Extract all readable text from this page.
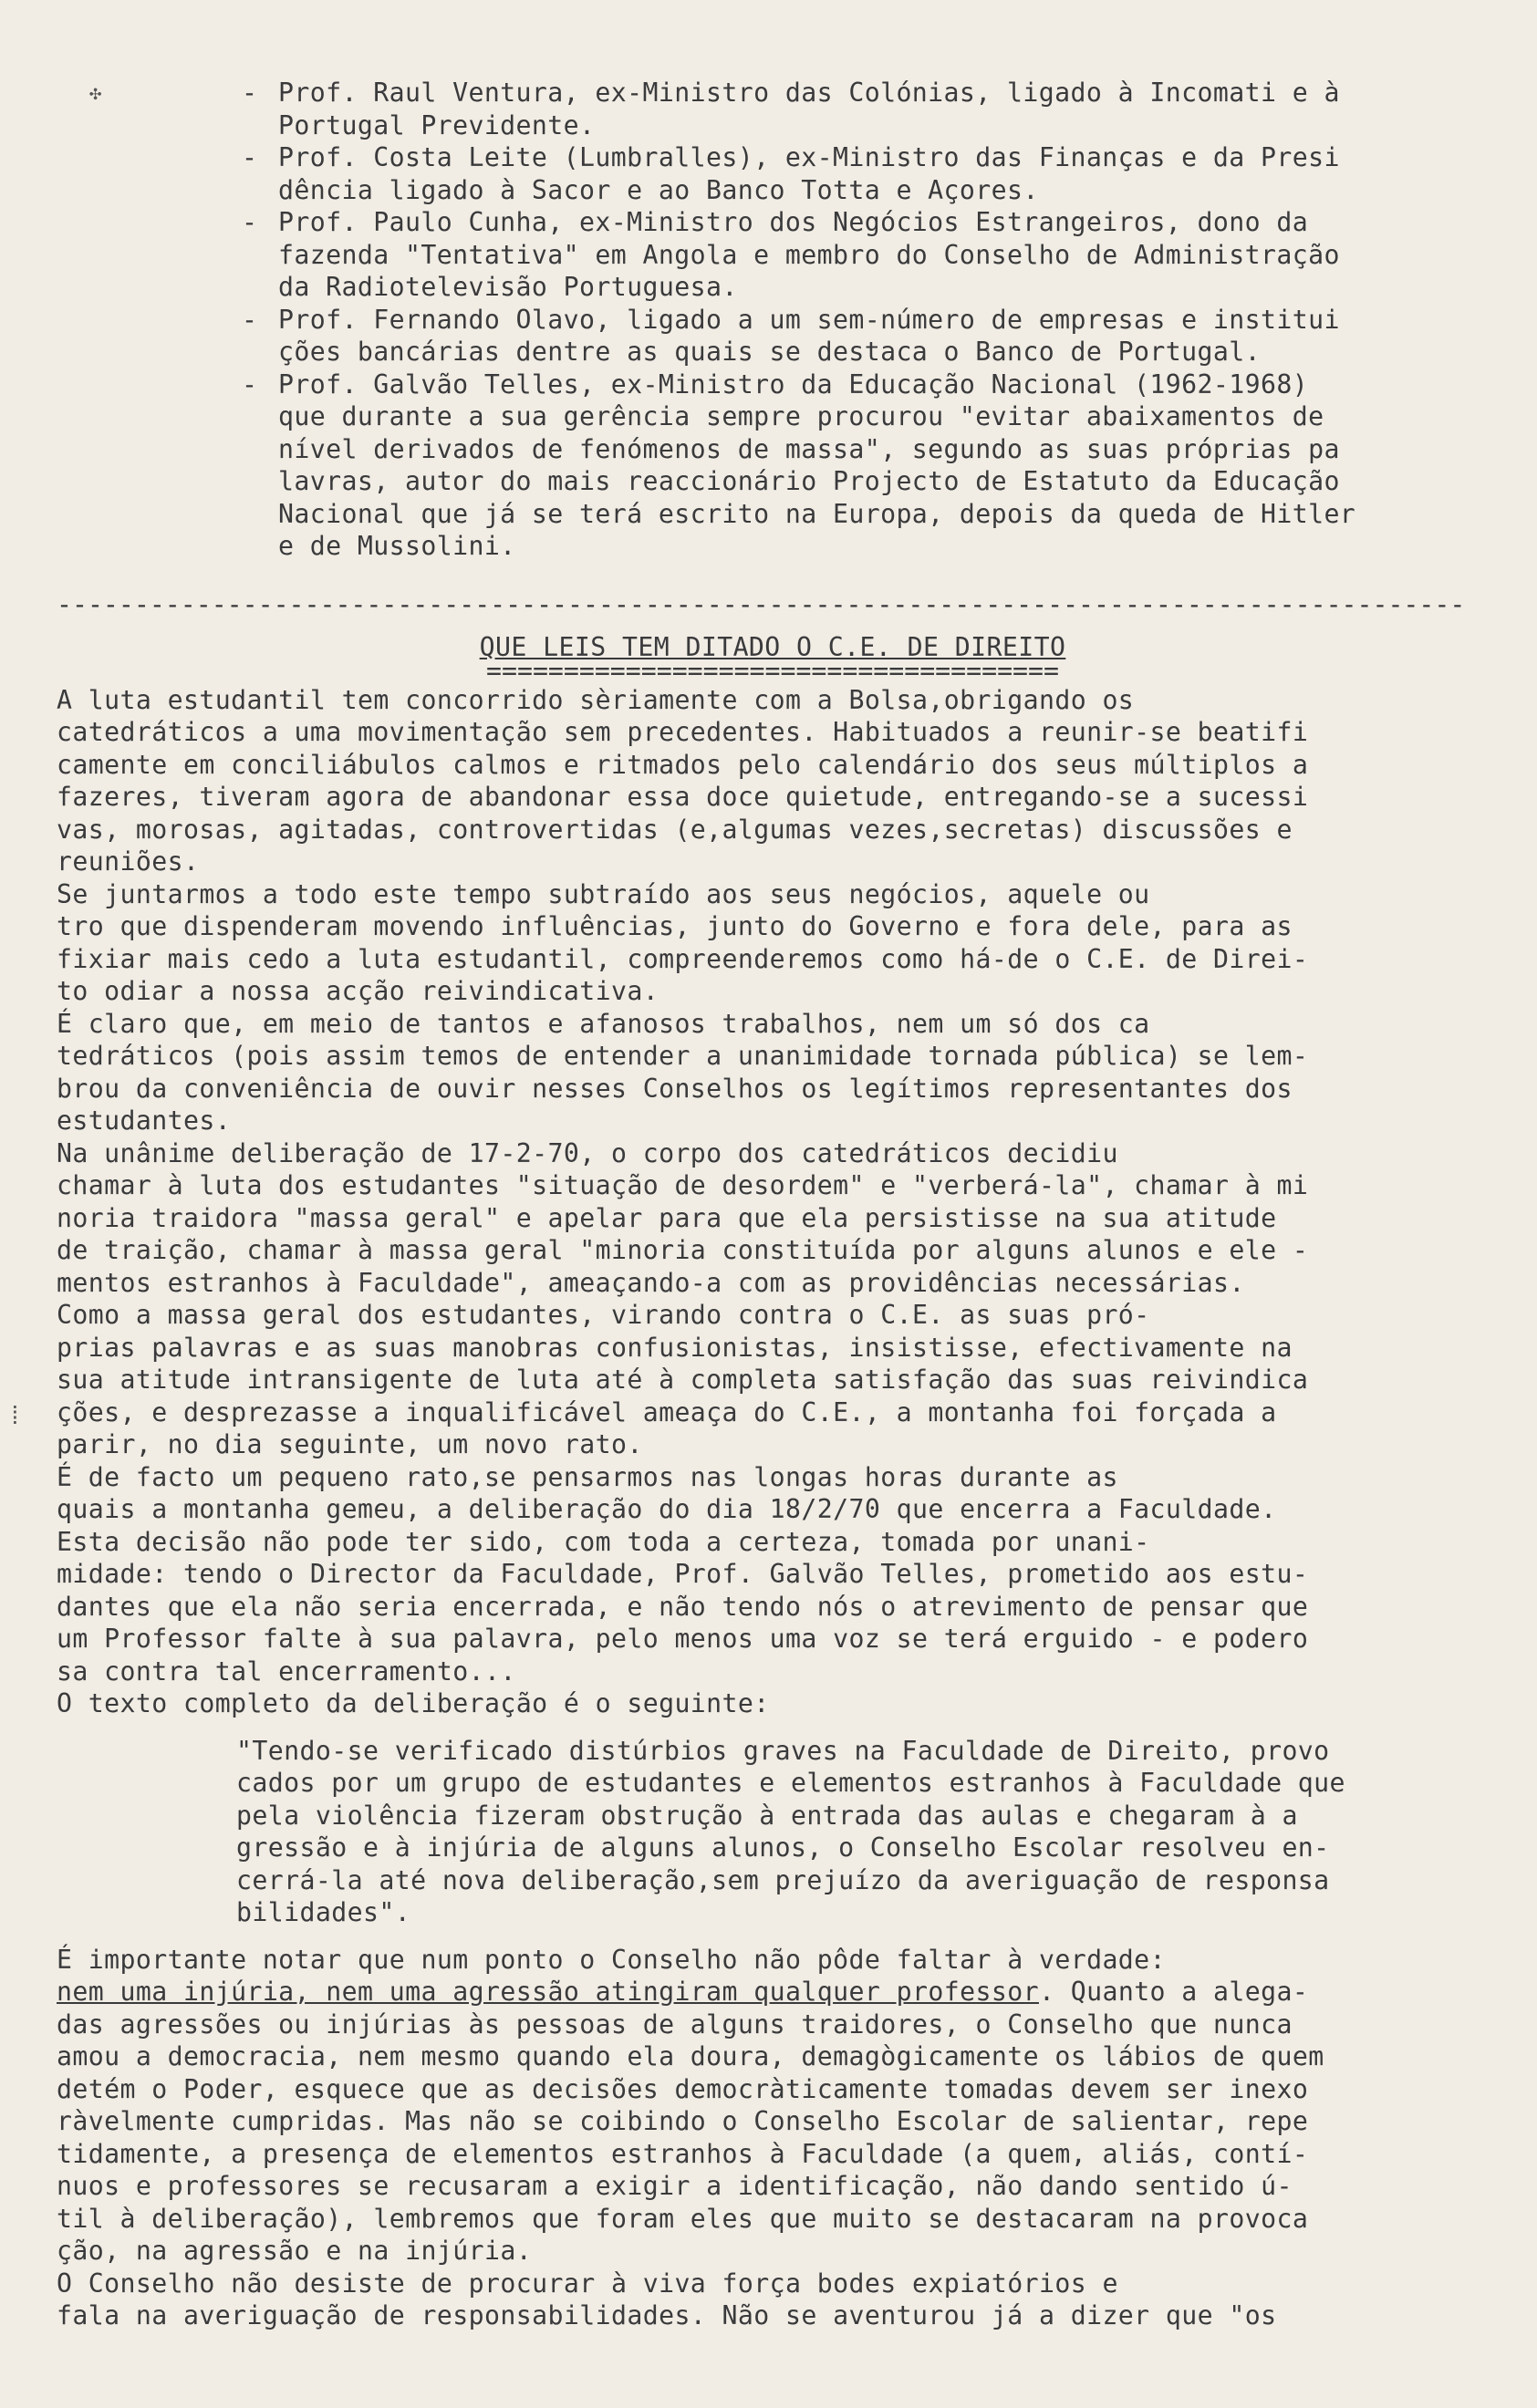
✣
⁞
- Prof. Raul Ventura, ex-Ministro das Colónias, ligado à Incomati e à
Portugal Previdente.
- Prof. Costa Leite (Lumbralles), ex-Ministro das Finanças e da Presi
dência ligado à Sacor e ao Banco Totta e Açores.
- Prof. Paulo Cunha, ex-Ministro dos Negócios Estrangeiros, dono da
fazenda "Tentativa" em Angola e membro do Conselho de Administração
da Radiotelevisão Portuguesa.
- Prof. Fernando Olavo, ligado a um sem-número de empresas e institui
ções bancárias dentre as quais se destaca o Banco de Portugal.
- Prof. Galvão Telles, ex-Ministro da Educação Nacional (1962-1968)
que durante a sua gerência sempre procurou "evitar abaixamentos de
nível derivados de fenómenos de massa", segundo as suas próprias pa
lavras, autor do mais reaccionário Projecto de Estatuto da Educação
Nacional que já se terá escrito na Europa, depois da queda de Hitler
e de Mussolini.
-------------------------------------------------------------------------------------------
QUE LEIS TEM DITADO O C.E. DE DIREITO
=====================================
A luta estudantil tem concorrido sèriamente com a Bolsa,obrigando os
catedráticos a uma movimentação sem precedentes. Habituados a reunir-se beatifi
camente em conciliábulos calmos e ritmados pelo calendário dos seus múltiplos a
fazeres, tiveram agora de abandonar essa doce quietude, entregando-se a sucessi
vas, morosas, agitadas, controvertidas (e,algumas vezes,secretas) discussões e
reuniões.
Se juntarmos a todo este tempo subtraído aos seus negócios, aquele ou
tro que dispenderam movendo influências, junto do Governo e fora dele, para as
fixiar mais cedo a luta estudantil, compreenderemos como há-de o C.E. de Direi-
to odiar a nossa acção reivindicativa.
É claro que, em meio de tantos e afanosos trabalhos, nem um só dos ca
tedráticos (pois assim temos de entender a unanimidade tornada pública) se lem-
brou da conveniência de ouvir nesses Conselhos os legítimos representantes dos
estudantes.
Na unânime deliberação de 17-2-70, o corpo dos catedráticos decidiu
chamar à luta dos estudantes "situação de desordem" e "verberá-la", chamar à mi
noria traidora "massa geral" e apelar para que ela persistisse na sua atitude
de traição, chamar à massa geral "minoria constituída por alguns alunos e ele -
mentos estranhos à Faculdade", ameaçando-a com as providências necessárias.
Como a massa geral dos estudantes, virando contra o C.E. as suas pró-
prias palavras e as suas manobras confusionistas, insistisse, efectivamente na
sua atitude intransigente de luta até à completa satisfação das suas reivindica
ções, e desprezasse a inqualificável ameaça do C.E., a montanha foi forçada a
parir, no dia seguinte, um novo rato.
É de facto um pequeno rato,se pensarmos nas longas horas durante as
quais a montanha gemeu, a deliberação do dia 18/2/70 que encerra a Faculdade.
Esta decisão não pode ter sido, com toda a certeza, tomada por unani-
midade: tendo o Director da Faculdade, Prof. Galvão Telles, prometido aos estu-
dantes que ela não seria encerrada, e não tendo nós o atrevimento de pensar que
um Professor falte à sua palavra, pelo menos uma voz se terá erguido - e podero
sa contra tal encerramento...
O texto completo da deliberação é o seguinte:
"Tendo-se verificado distúrbios graves na Faculdade de Direito, provo
cados por um grupo de estudantes e elementos estranhos à Faculdade que
pela violência fizeram obstrução à entrada das aulas e chegaram à a
gressão e à injúria de alguns alunos, o Conselho Escolar resolveu en-
cerrá-la até nova deliberação,sem prejuízo da averiguação de responsa
bilidades".
É importante notar que num ponto o Conselho não pôde faltar à verdade:
nem uma injúria, nem uma agressão atingiram qualquer professor. Quanto a alega-
das agressões ou injúrias às pessoas de alguns traidores, o Conselho que nunca
amou a democracia, nem mesmo quando ela doura, demagògicamente os lábios de quem
detém o Poder, esquece que as decisões democràticamente tomadas devem ser inexo
ràvelmente cumpridas. Mas não se coibindo o Conselho Escolar de salientar, repe
tidamente, a presença de elementos estranhos à Faculdade (a quem, aliás, contí-
nuos e professores se recusaram a exigir a identificação, não dando sentido ú-
til à deliberação), lembremos que foram eles que muito se destacaram na provoca
ção, na agressão e na injúria.
O Conselho não desiste de procurar à viva força bodes expiatórios e
fala na averiguação de responsabilidades. Não se aventurou já a dizer que "os
